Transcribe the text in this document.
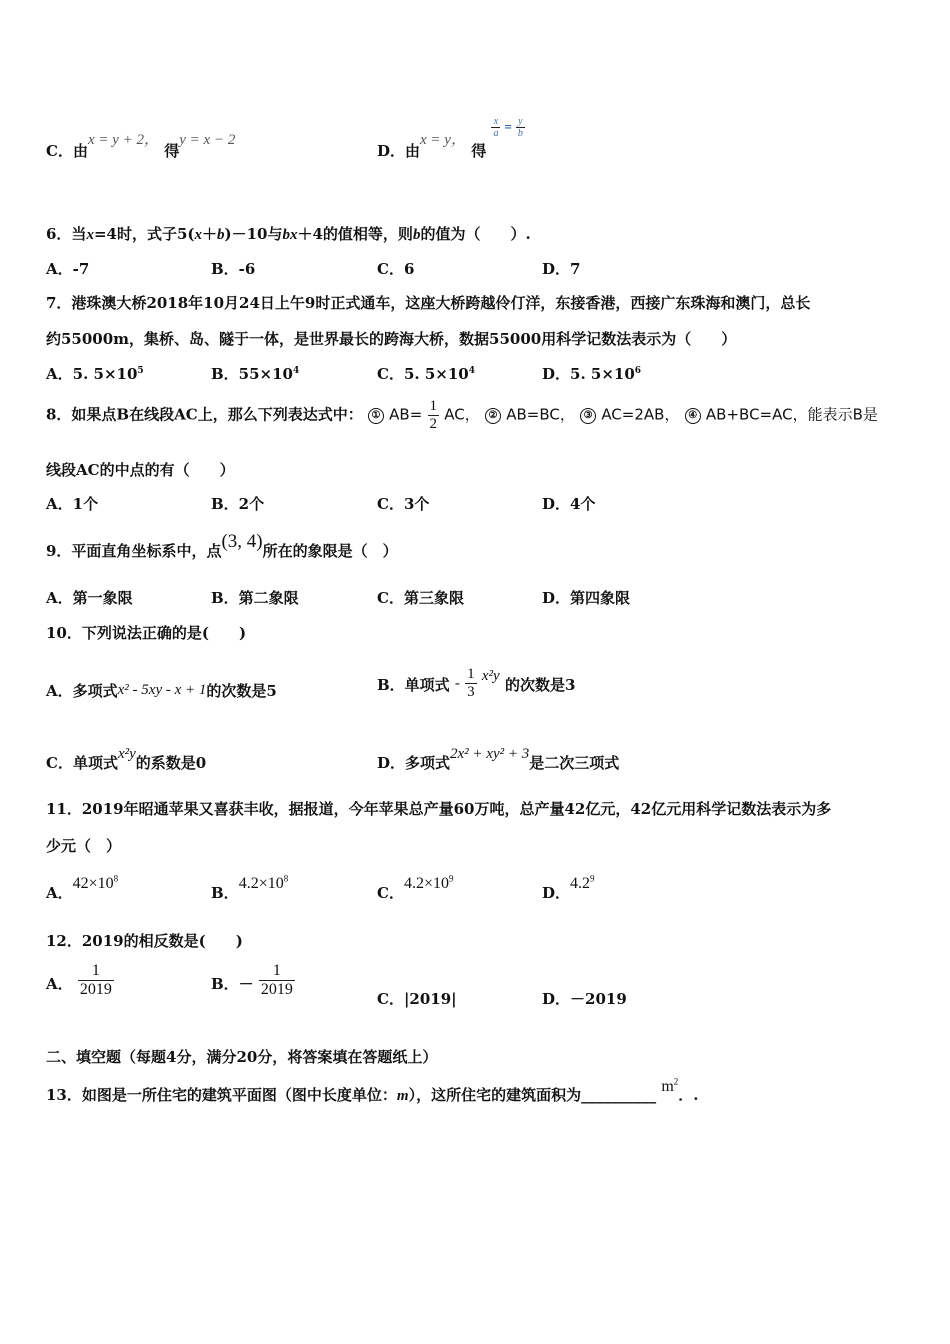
C．由x = y + 2， 得y = x − 2
D．由x = y， 得
$^{\frac{x}{a} = \frac{y}{b}}$
6．当x=4时，式子5(x＋b)－10与bx＋4的值相等，则b的值为（　　）.
A．-7	B．-6	C．6	D．7
7．港珠澳大桥2018年10月24日上午9时正式通车，这座大桥跨越伶仃洋，东接香港，西接广东珠海和澳门，总长
约55000m，集桥、岛、隧于一体，是世界最长的跨海大桥，数据55000用科学记数法表示为（　　）
A．5. $5\times 10^5$	B．$55\times 10^4$	C．5. $5\times 10^4$	D．5. $5\times 10^6$
8．如果点B在线段AC上，那么下列表达式中： ① $AB= \frac{1}{2}$ AC， ② AB=BC， ③ AC=2AB， ④ AB+BC=AC，能表示B是
线段AC的中点的有（　　）
A．1个	B．2个	C．3个	D．4个
9．平面直角坐标系中，点(3, 4)所在的象限是（　）
A．第一象限	B．第二象限	C．第三象限	D．第四象限
10．下列说法正确的是(　　)
A．多项式x² - 5xy - x + 1的次数是5	B．单项式 - $\frac{1}{3} x^2y$ 的次数是3
C．单项式x²y的系数是0	D．多项式2x² + xy² + 3是二次三项式
11．2019年昭通苹果又喜获丰收，据报道，今年苹果总产量60万吨，总产量42亿元，42亿元用科学记数法表示为多
少元（　）
A．$42\times 10^8$
B．$4.2\times 10^8$
C．$4.2\times 10^9$
D．$4.2^9$
12．2019的相反数是(　　)
A． $\frac{1}{2019}$	B．－ $\frac{1}{2019}$	C．|2019|	D．－2019
二、填空题（每题4分，满分20分，将答案填在答题纸上）
13．如图是一所住宅的建筑平面图（图中长度单位：m），这所住宅的建筑面积为__________ $m^2$．.
